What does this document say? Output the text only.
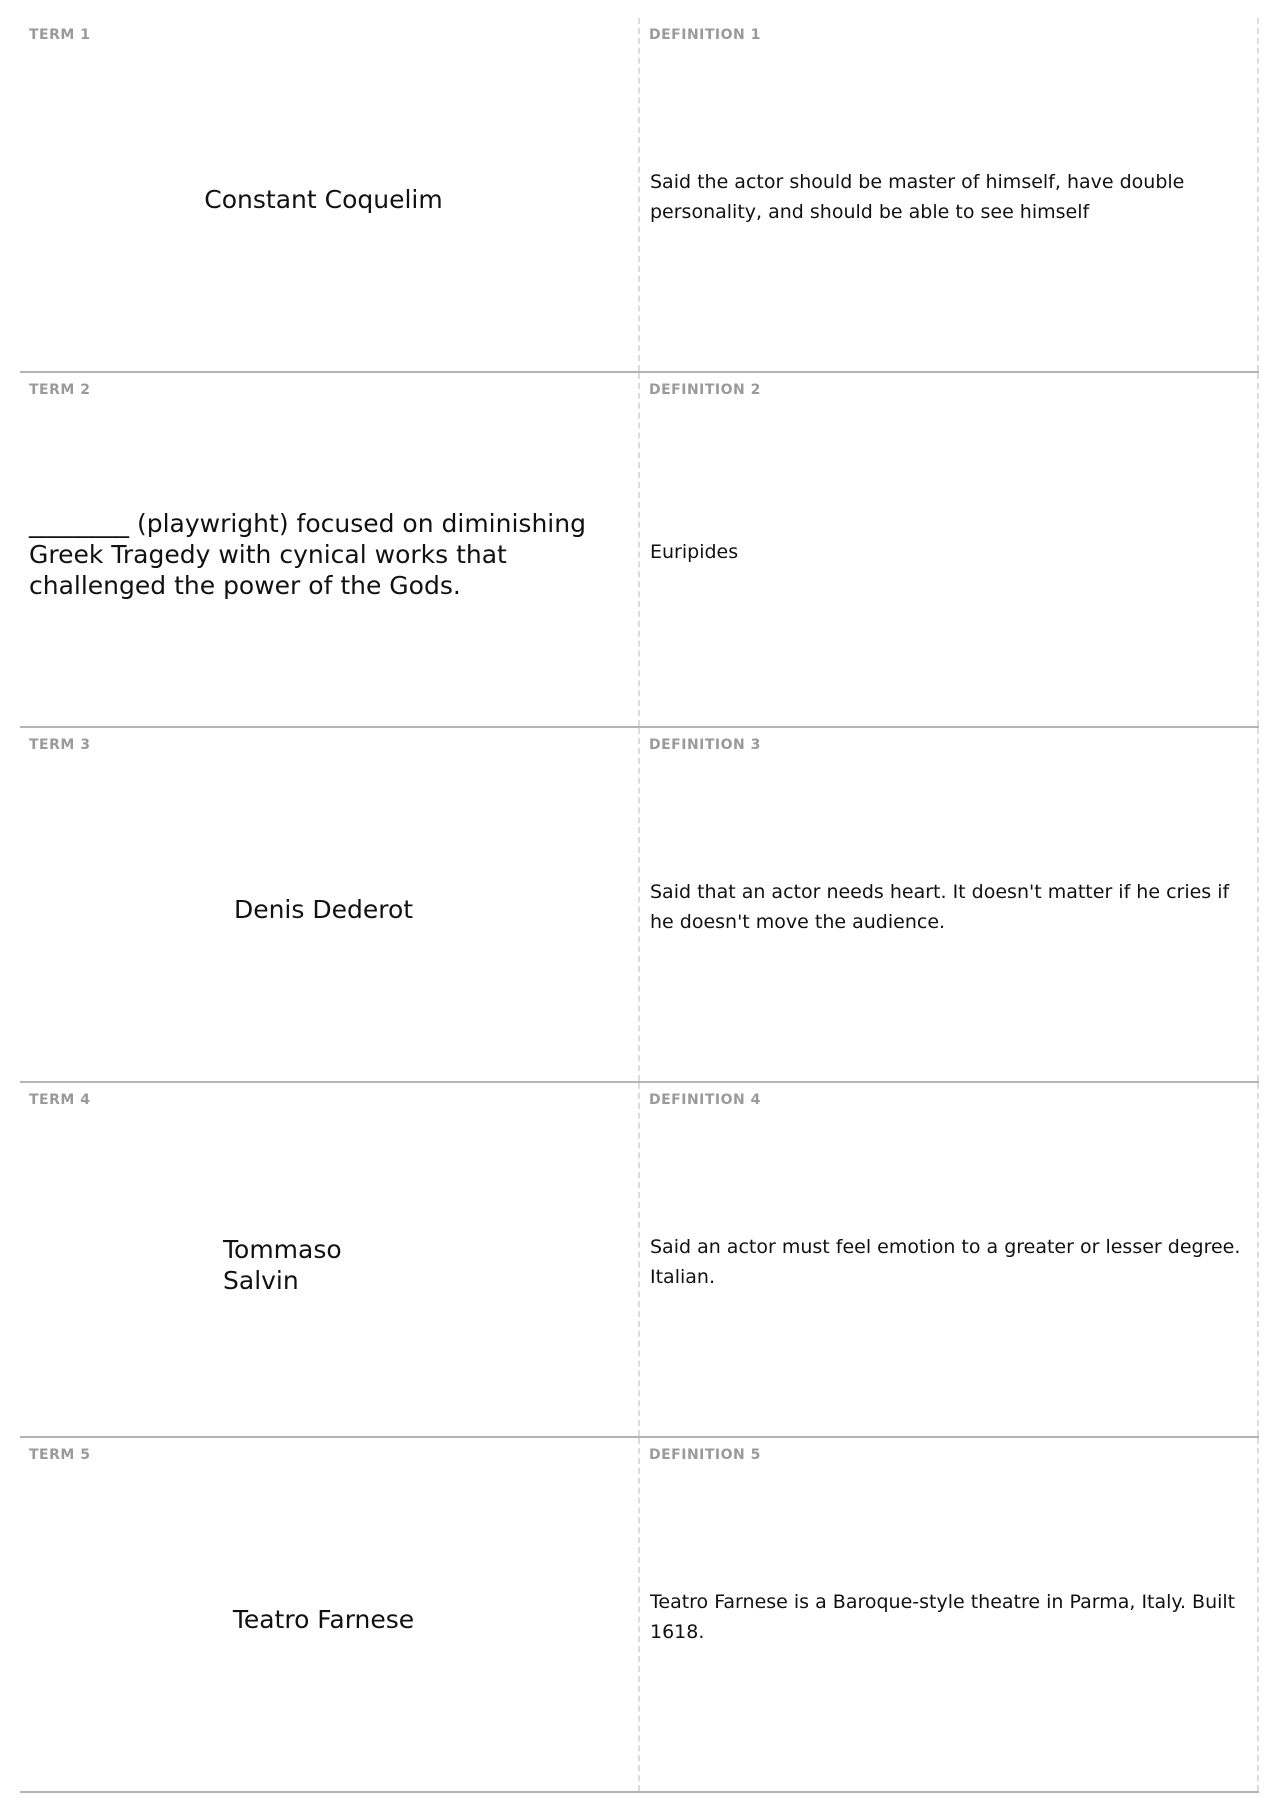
TERM 1
Constant Coquelim
DEFINITION 1
Said the actor should be master of himself, have double personality, and should be able to see himself
TERM 2
________ (playwright) focused on diminishing Greek Tragedy with cynical works that challenged the power of the Gods.
DEFINITION 2
Euripides
TERM 3
Denis Dederot
DEFINITION 3
Said that an actor needs heart. It doesn't matter if he cries if he doesn't move the audience.
TERM 4
Tommaso
Salvin
DEFINITION 4
Said an actor must feel emotion to a greater or lesser degree. Italian.
TERM 5
Teatro Farnese
DEFINITION 5
Teatro Farnese is a Baroque-style theatre in Parma, Italy. Built 1618.
